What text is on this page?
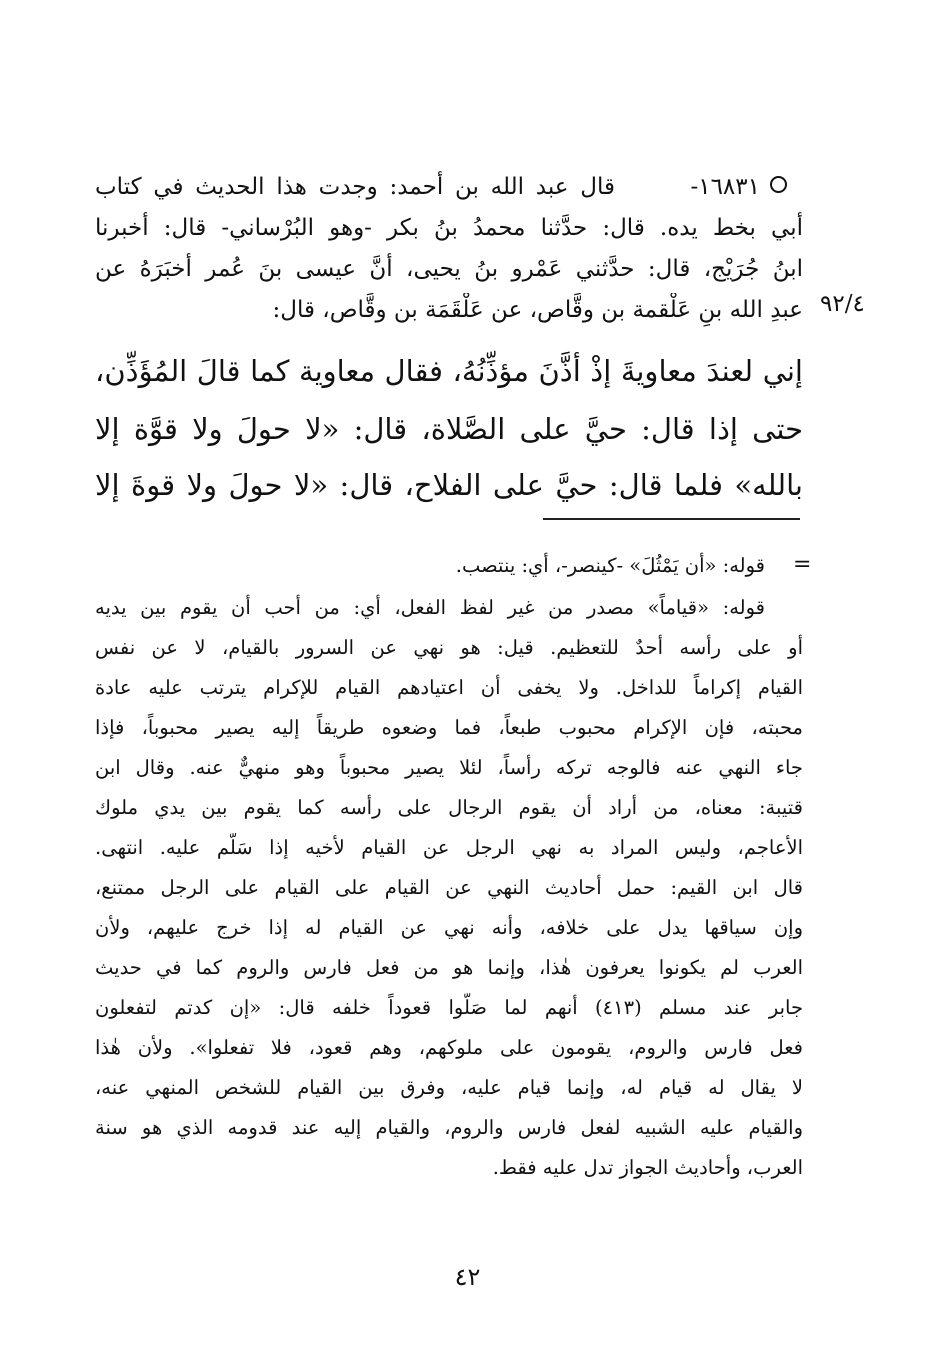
١٦٨٣١-
قال عبد الله بن أحمد: وجدت هذا الحديث في كتاب
أبي بخط يده. قال: حدَّثنا محمدُ بنُ بكر -وهو البُرْساني- قال: أخبرنا
ابنُ جُرَيْج، قال: حدَّثني عَمْرو بنُ يحيى، أنَّ عيسى بنَ عُمر أخبَرَهُ عن
عبدِ الله بنِ عَلْقمة بن وقَّاص، عن عَلْقَمَة بن وقَّاص، قال: ٩٢/٤
إني لعندَ معاويةَ إذْ أذَّنَ مؤذِّنُهُ، فقال معاوية كما قالَ المُؤَذِّن،
حتى إذا قال: حيَّ على الصَّلاة، قال: «لا حولَ ولا قوَّة إلا
بالله» فلما قال: حيَّ على الفلاح، قال: «لا حولَ ولا قوةَ إلا
=
قوله: «أن يَمْثُلَ» -كينصر-، أي: ينتصب.
قوله: «قياماً» مصدر من غير لفظ الفعل، أي: من أحب أن يقوم بين يديه
أو على رأسه أحدٌ للتعظيم. قيل: هو نهي عن السرور بالقيام، لا عن نفس
القيام إكراماً للداخل. ولا يخفى أن اعتيادهم القيام للإكرام يترتب عليه عادة
محبته، فإن الإكرام محبوب طبعاً، فما وضعوه طريقاً إليه يصير محبوباً، فإذا
جاء النهي عنه فالوجه تركه رأساً، لئلا يصير محبوباً وهو منهيٌّ عنه. وقال ابن
قتيبة: معناه، من أراد أن يقوم الرجال على رأسه كما يقوم بين يدي ملوك
الأعاجم، وليس المراد به نهي الرجل عن القيام لأخيه إذا سَلَّم عليه. انتهى.
قال ابن القيم: حمل أحاديث النهي عن القيام على القيام على الرجل ممتنع،
وإن سياقها يدل على خلافه، وأنه نهي عن القيام له إذا خرج عليهم، ولأن
العرب لم يكونوا يعرفون هٰذا، وإنما هو من فعل فارس والروم كما في حديث
جابر عند مسلم (٤١٣) أنهم لما صَلَّوا قعوداً خلفه قال: «إن كدتم لتفعلون
فعل فارس والروم، يقومون على ملوكهم، وهم قعود، فلا تفعلوا». ولأن هٰذا
لا يقال له قيام له، وإنما قيام عليه، وفرق بين القيام للشخص المنهي عنه،
والقيام عليه الشبيه لفعل فارس والروم، والقيام إليه عند قدومه الذي هو سنة
العرب، وأحاديث الجواز تدل عليه فقط.
٤٢
